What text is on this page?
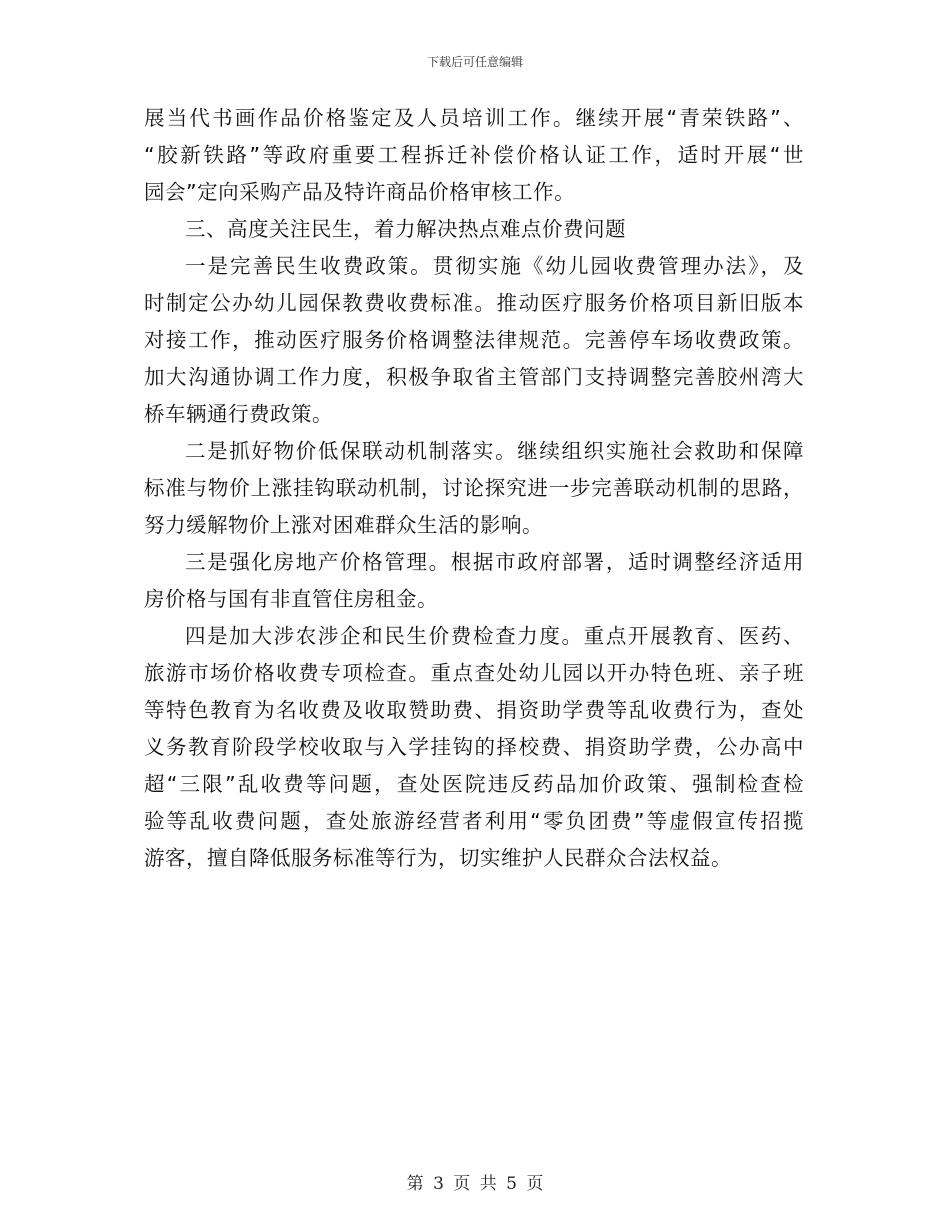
下载后可任意编辑
展当代书画作品价格鉴定及人员培训工作。继续开展“青荣铁路”、
“胶新铁路”等政府重要工程拆迁补偿价格认证工作，适时开展“世
园会”定向采购产品及特许商品价格审核工作。
三、高度关注民生，着力解决热点难点价费问题
一是完善民生收费政策。贯彻实施《幼儿园收费管理办法》，及
时制定公办幼儿园保教费收费标准。推动医疗服务价格项目新旧版本
对接工作，推动医疗服务价格调整法律规范。完善停车场收费政策。
加大沟通协调工作力度，积极争取省主管部门支持调整完善胶州湾大
桥车辆通行费政策。
二是抓好物价低保联动机制落实。继续组织实施社会救助和保障
标准与物价上涨挂钩联动机制，讨论探究进一步完善联动机制的思路，
努力缓解物价上涨对困难群众生活的影响。
三是强化房地产价格管理。根据市政府部署，适时调整经济适用
房价格与国有非直管住房租金。
四是加大涉农涉企和民生价费检查力度。重点开展教育、医药、
旅游市场价格收费专项检查。重点查处幼儿园以开办特色班、亲子班
等特色教育为名收费及收取赞助费、捐资助学费等乱收费行为，查处
义务教育阶段学校收取与入学挂钩的择校费、捐资助学费，公办高中
超“三限”乱收费等问题，查处医院违反药品加价政策、强制检查检
验等乱收费问题，查处旅游经营者利用“零负团费”等虚假宣传招揽
游客，擅自降低服务标准等行为，切实维护人民群众合法权益。
第 3 页 共 5 页
